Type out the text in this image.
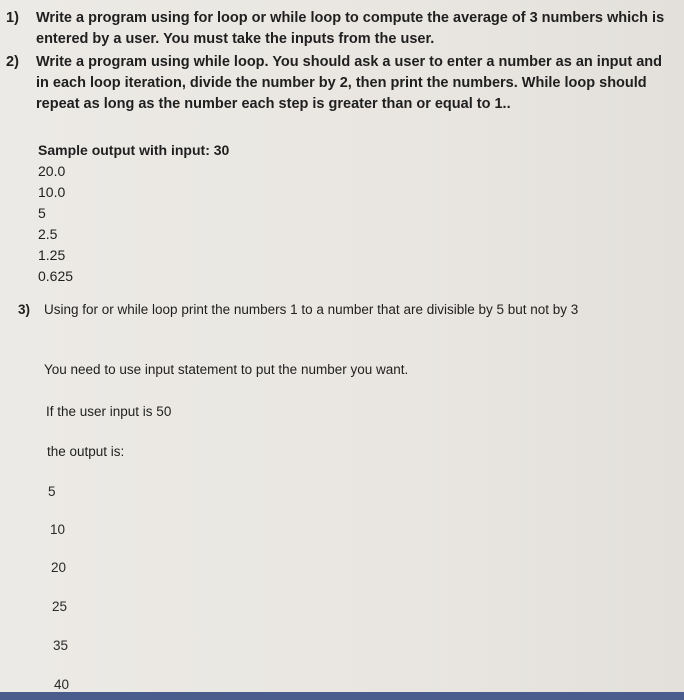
1) Write a program using for loop or while loop to compute the average of 3 numbers which is entered by a user. You must take the inputs from the user.
2) Write a program using while loop. You should ask a user to enter a number as an input and in each loop iteration, divide the number by 2, then print the numbers. While loop should repeat as long as the number each step is greater than or equal to 1..
Sample output with input: 30
20.0
10.0
5
2.5
1.25
0.625
3) Using for or while loop print the numbers 1 to a number that are divisible by 5 but not by 3
You need to use input statement to put the number you want.
If the user input is 50
the output is:
5
10
20
25
35
40
